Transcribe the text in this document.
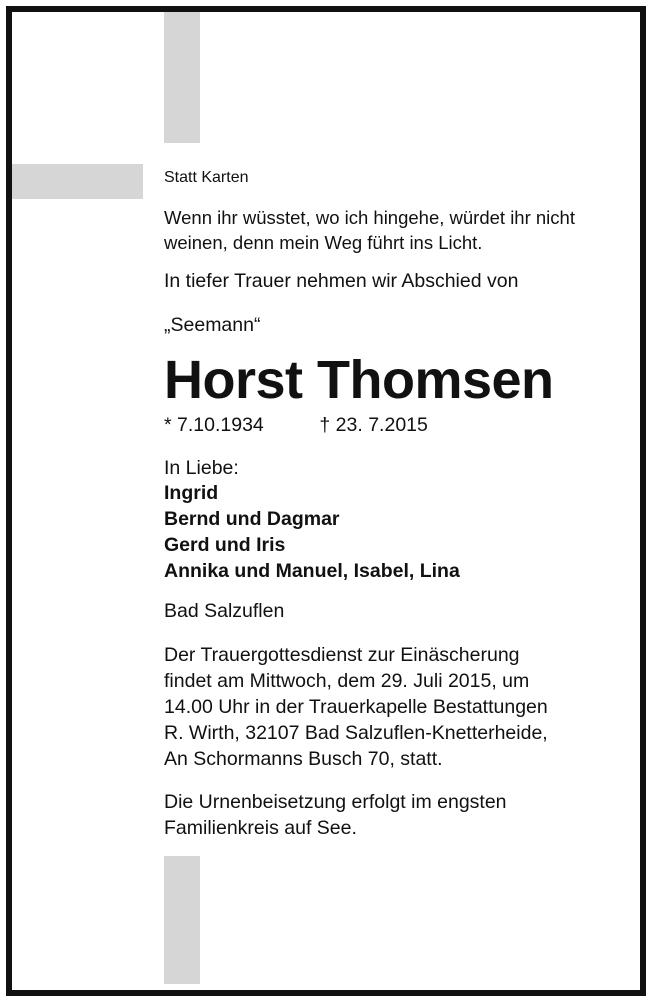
Statt Karten
Wenn ihr wüsstet, wo ich hingehe, würdet ihr nicht
weinen, denn mein Weg führt ins Licht.
In tiefer Trauer nehmen wir Abschied von
„Seemann“
Horst Thomsen
* 7.10.1934	† 23. 7.2015
In Liebe:
Ingrid
Bernd und Dagmar
Gerd und Iris
Annika und Manuel, Isabel, Lina
Bad Salzuflen
Der Trauergottesdienst zur Einäscherung
findet am Mittwoch, dem 29. Juli 2015, um
14.00 Uhr in der Trauerkapelle Bestattungen
R. Wirth, 32107 Bad Salzuflen-Knetterheide,
An Schormanns Busch 70, statt.
Die Urnenbeisetzung erfolgt im engsten
Familienkreis auf See.
